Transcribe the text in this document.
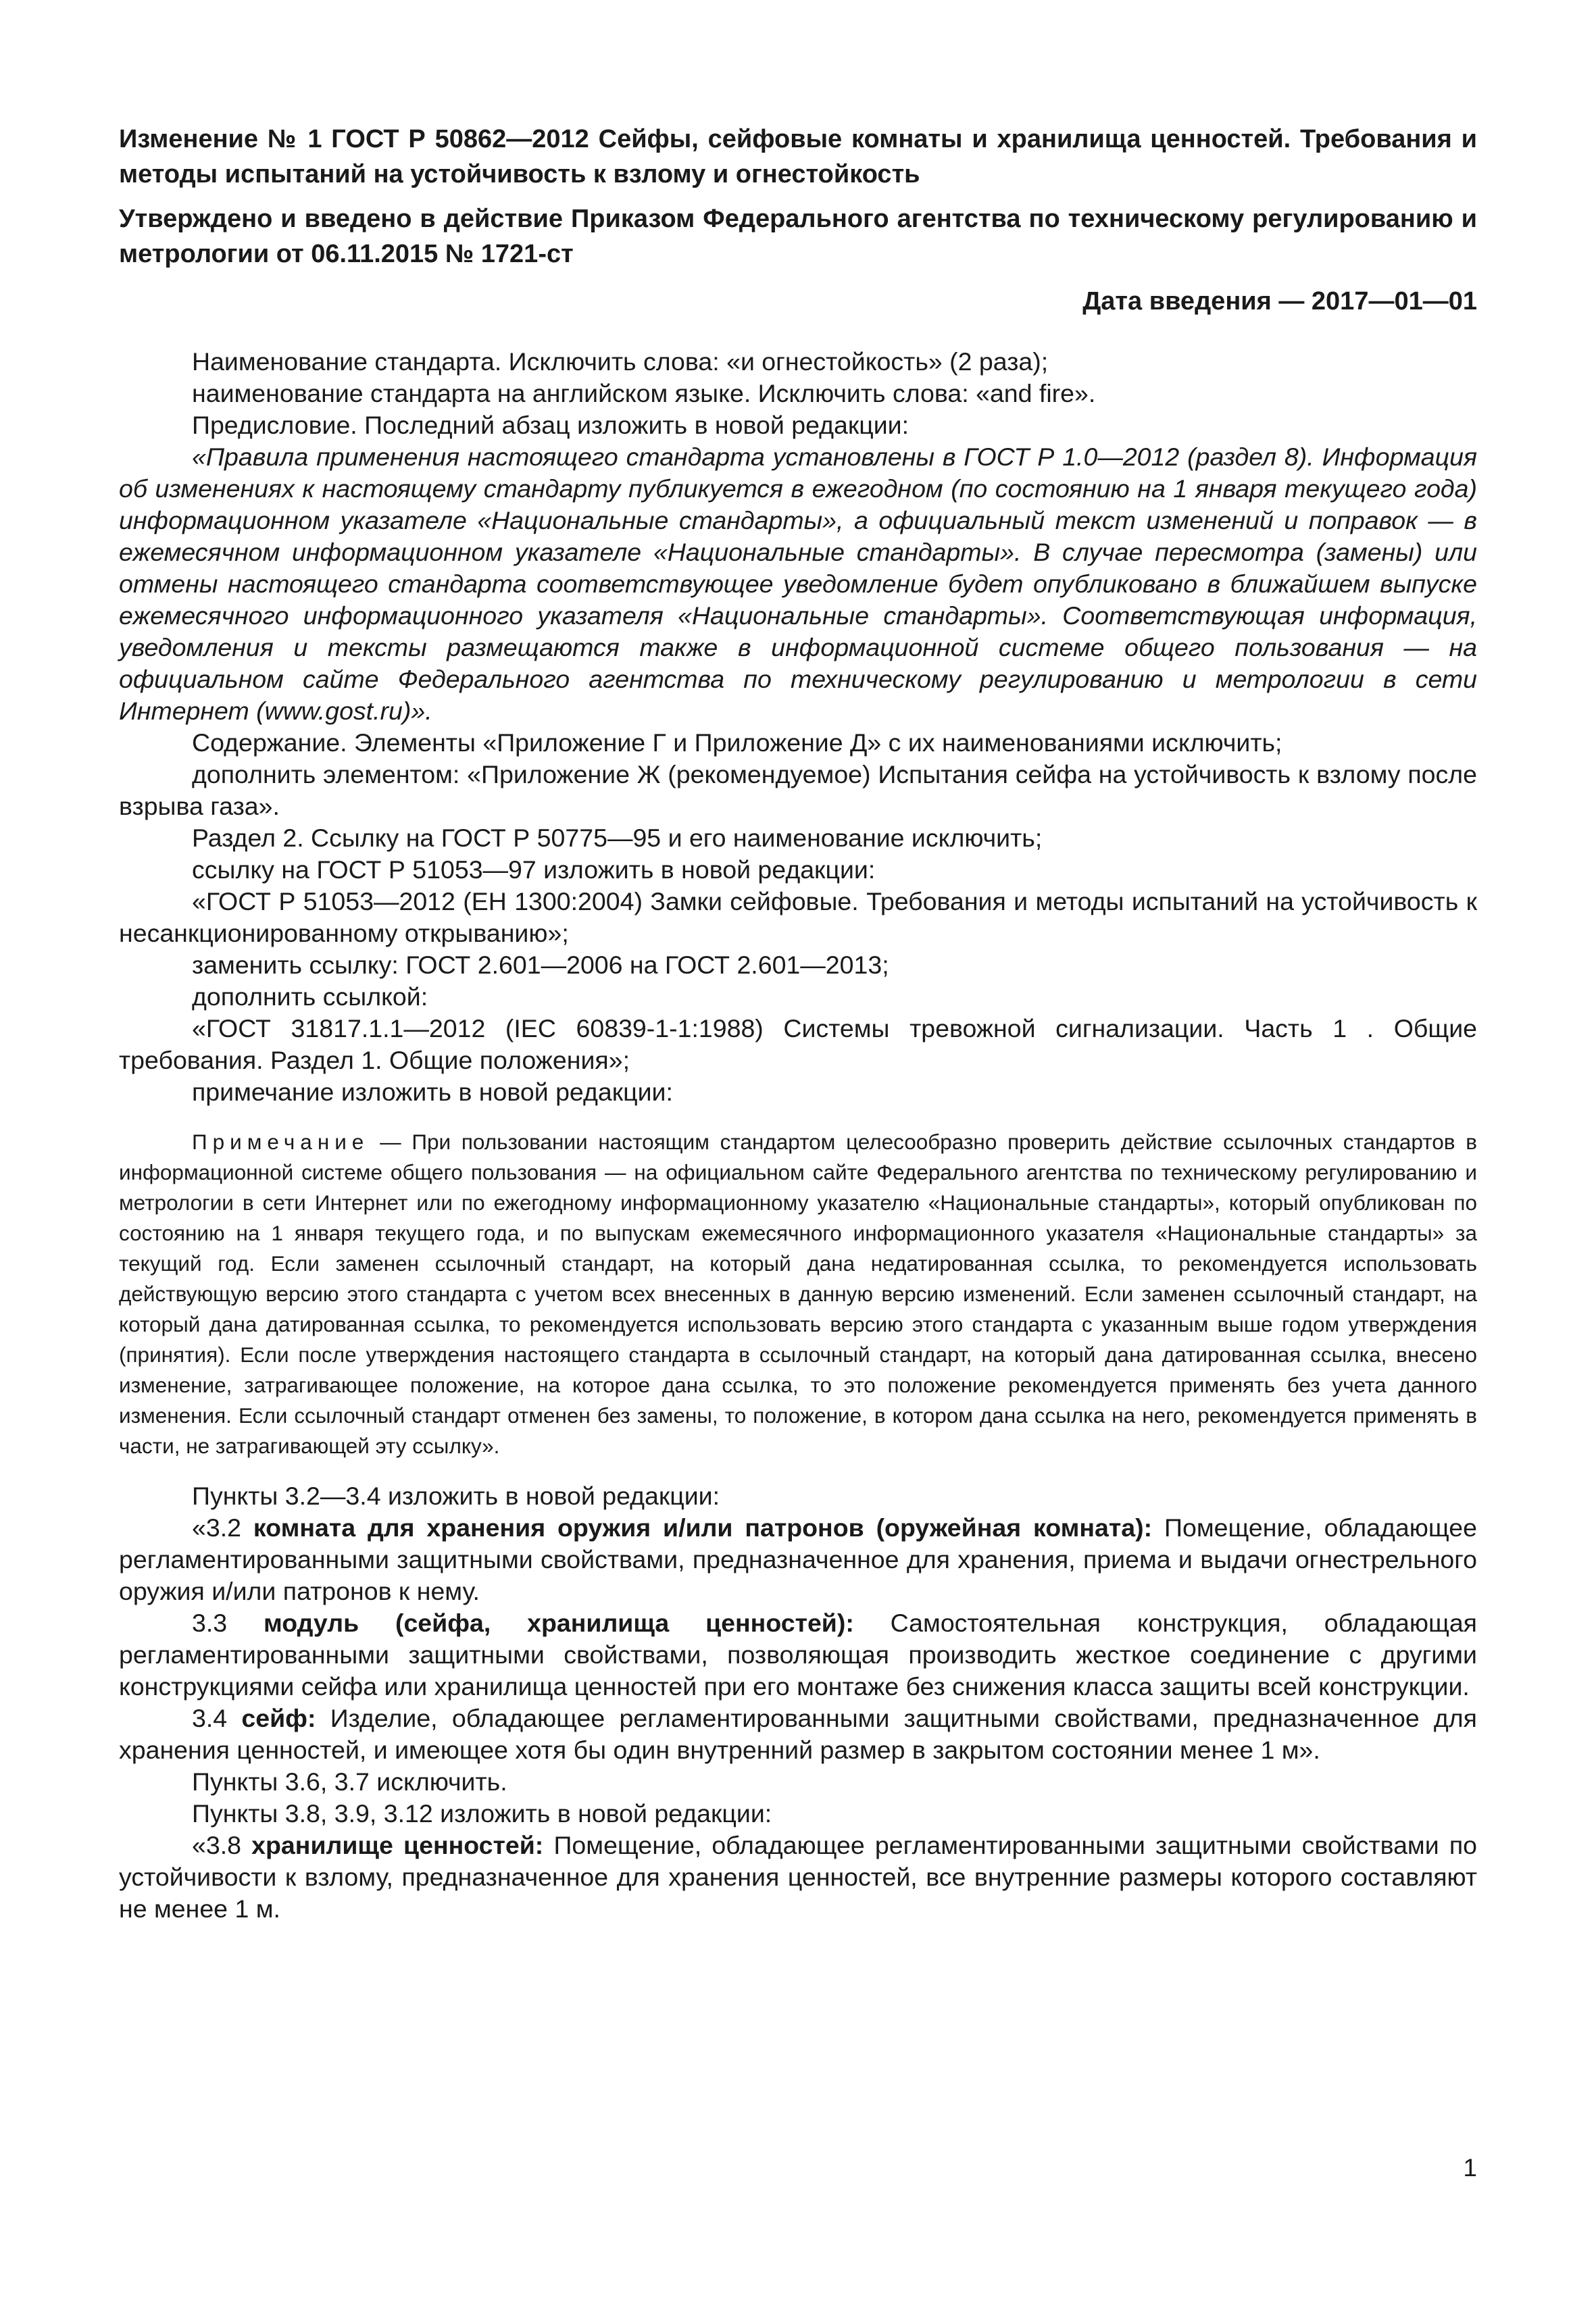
Изменение № 1 ГОСТ Р 50862—2012 Сейфы, сейфовые комнаты и хранилища ценностей. Требования и методы испытаний на устойчивость к взлому и огнестойкость

Утверждено и введено в действие Приказом Федерального агентства по техническому регулированию и метрологии от 06.11.2015 № 1721-ст

Дата введения — 2017—01—01

Наименование стандарта. Исключить слова: «и огнестойкость» (2 раза);

наименование стандарта на английском языке. Исключить слова: «and fire».

Предисловие. Последний абзац изложить в новой редакции:

«Правила применения настоящего стандарта установлены в ГОСТ Р 1.0—2012 (раздел 8). Информация об изменениях к настоящему стандарту публикуется в ежегодном (по состоянию на 1 января текущего года) информационном указателе «Национальные стандарты», а официальный текст изменений и поправок — в ежемесячном информационном указателе «Национальные стандарты». В случае пересмотра (замены) или отмены настоящего стандарта соответствующее уведомление будет опубликовано в ближайшем выпуске ежемесячного информационного указателя «Национальные стандарты». Соответствующая информация, уведомления и тексты размещаются также в информационной системе общего пользования — на официальном сайте Федерального агентства по техническому регулированию и метрологии в сети Интернет (www.gost.ru)».

Содержание. Элементы «Приложение Г и Приложение Д» с их наименованиями исключить;

дополнить элементом: «Приложение Ж (рекомендуемое) Испытания сейфа на устойчивость к взлому после взрыва газа».

Раздел 2. Ссылку на ГОСТ Р 50775—95 и его наименование исключить;

ссылку на ГОСТ Р 51053—97 изложить в новой редакции:

«ГОСТ Р 51053—2012 (ЕН 1300:2004) Замки сейфовые. Требования и методы испытаний на устойчивость к несанкционированному открыванию»;

заменить ссылку: ГОСТ 2.601—2006 на ГОСТ 2.601—2013;

дополнить ссылкой:

«ГОСТ 31817.1.1—2012 (IEC 60839-1-1:1988) Системы тревожной сигнализации. Часть 1 . Общие требования. Раздел 1. Общие положения»;

примечание изложить в новой редакции:

Примечание — При пользовании настоящим стандартом целесообразно проверить действие ссылочных стандартов в информационной системе общего пользования — на официальном сайте Федерального агентства по техническому регулированию и метрологии в сети Интернет или по ежегодному информационному указателю «Национальные стандарты», который опубликован по состоянию на 1 января текущего года, и по выпускам ежемесячного информационного указателя «Национальные стандарты» за текущий год. Если заменен ссылочный стандарт, на который дана недатированная ссылка, то рекомендуется использовать действующую версию этого стандарта с учетом всех внесенных в данную версию изменений. Если заменен ссылочный стандарт, на который дана датированная ссылка, то рекомендуется использовать версию этого стандарта с указанным выше годом утверждения (принятия). Если после утверждения настоящего стандарта в ссылочный стандарт, на который дана датированная ссылка, внесено изменение, затрагивающее положение, на которое дана ссылка, то это положение рекомендуется применять без учета данного изменения. Если ссылочный стандарт отменен без замены, то положение, в котором дана ссылка на него, рекомендуется применять в части, не затрагивающей эту ссылку».

Пункты 3.2—3.4 изложить в новой редакции:

«3.2 комната для хранения оружия и/или патронов (оружейная комната): Помещение, обладающее регламентированными защитными свойствами, предназначенное для хранения, приема и выдачи огнестрельного оружия и/или патронов к нему.

3.3 модуль (сейфа, хранилища ценностей): Самостоятельная конструкция, обладающая регламентированными защитными свойствами, позволяющая производить жесткое соединение с другими конструкциями сейфа или хранилища ценностей при его монтаже без снижения класса защиты всей конструкции.

3.4 сейф: Изделие, обладающее регламентированными защитными свойствами, предназначенное для хранения ценностей, и имеющее хотя бы один внутренний размер в закрытом состоянии менее 1 м».

Пункты 3.6, 3.7 исключить.

Пункты 3.8, 3.9, 3.12 изложить в новой редакции:

«3.8 хранилище ценностей: Помещение, обладающее регламентированными защитными свойствами по устойчивости к взлому, предназначенное для хранения ценностей, все внутренние размеры которого составляют не менее 1 м.

1
